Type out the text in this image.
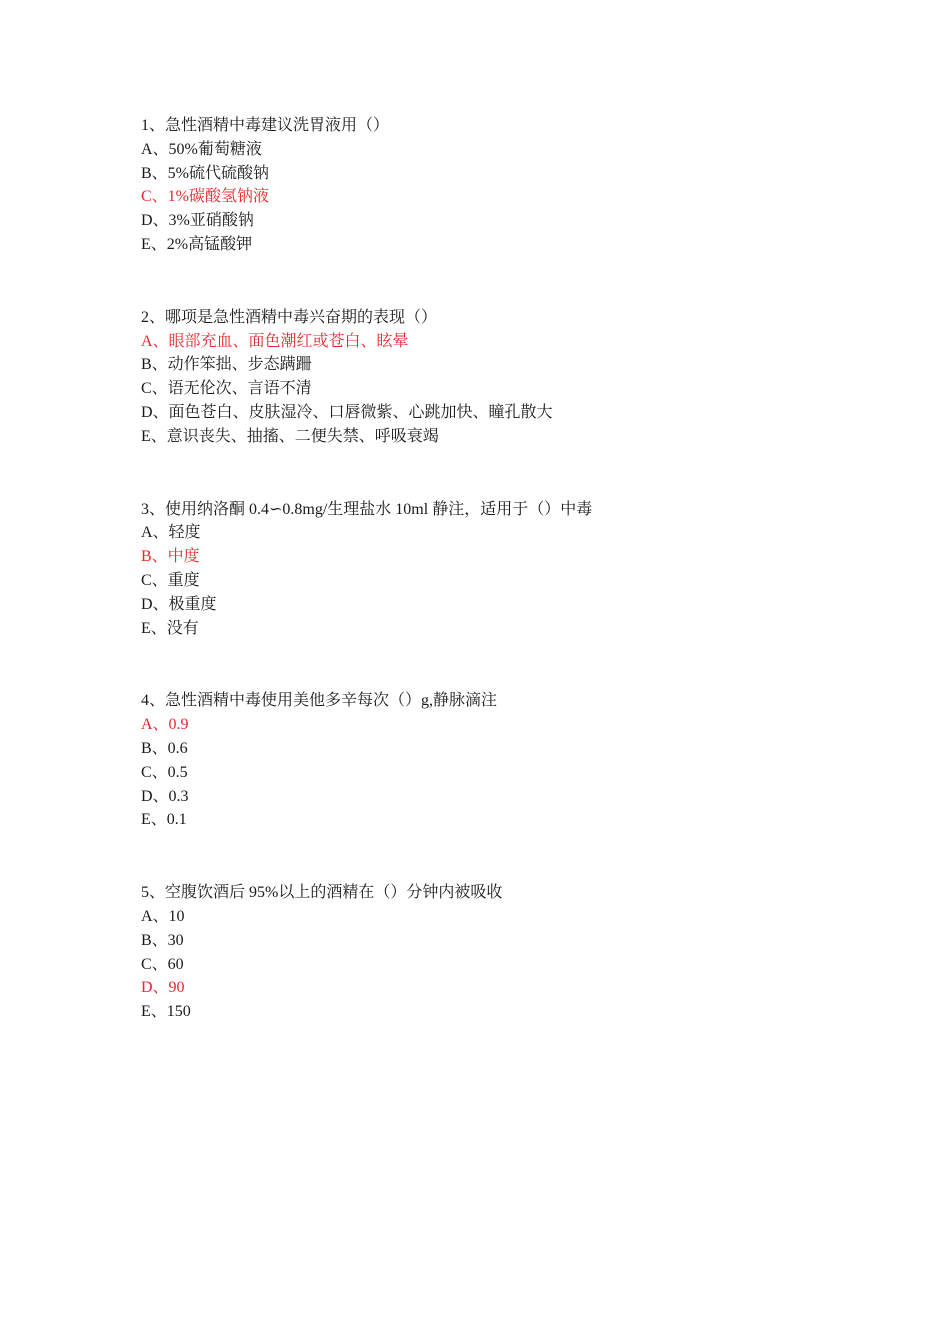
1、急性酒精中毒建议洗胃液用（）
A、50%葡萄糖液
B、5%硫代硫酸钠
C、1%碳酸氢钠液
D、3%亚硝酸钠
E、2%高锰酸钾
2、哪项是急性酒精中毒兴奋期的表现（）
A、眼部充血、面色潮红或苍白、眩晕
B、动作笨拙、步态蹒跚
C、语无伦次、言语不清
D、面色苍白、皮肤湿冷、口唇微紫、心跳加快、瞳孔散大
E、意识丧失、抽搐、二便失禁、呼吸衰竭
3、使用纳洛酮 0.4∽0.8mg/生理盐水 10ml 静注，适用于（）中毒
A、轻度
B、中度
C、重度
D、极重度
E、没有
4、急性酒精中毒使用美他多辛每次（）g,静脉滴注
A、0.9
B、0.6
C、0.5
D、0.3
E、0.1
5、空腹饮酒后 95%以上的酒精在（）分钟内被吸收
A、10
B、30
C、60
D、90
E、150
